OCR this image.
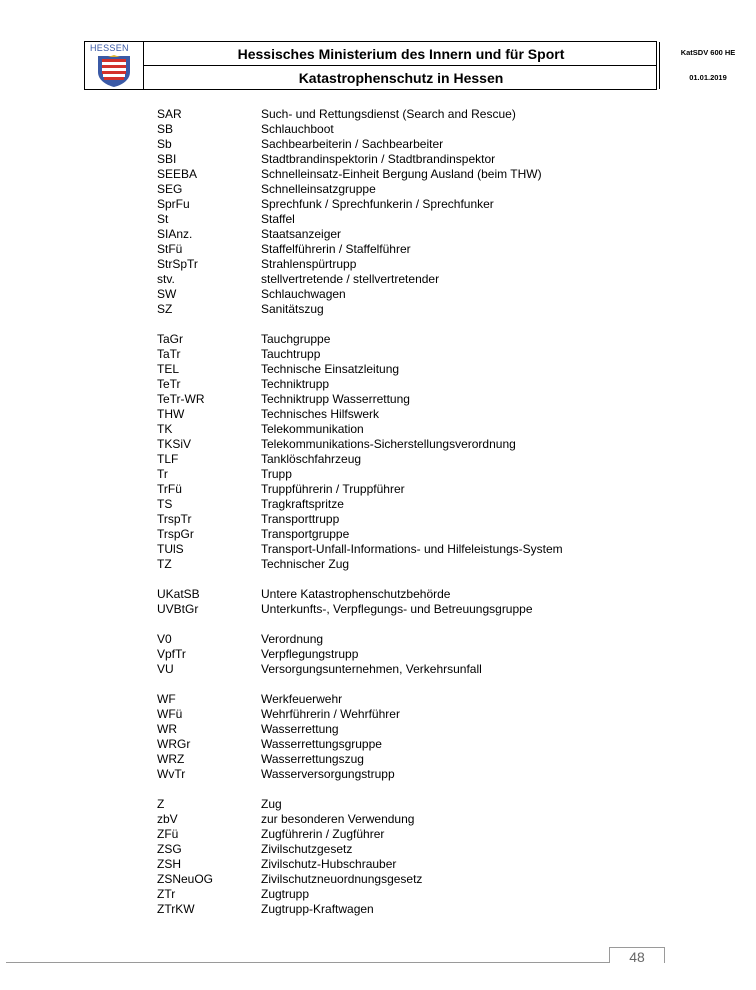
HESSEN	Hessisches Ministerium des Innern und für Sport
Katastrophenschutz in Hessen
KatSDV 600 HE
01.01.2019
SAR	Such- und Rettungsdienst (Search and Rescue)
SB	Schlauchboot
Sb	Sachbearbeiterin / Sachbearbeiter
SBI	Stadtbrandinspektorin / Stadtbrandinspektor
SEEBA	Schnelleinsatz-Einheit Bergung Ausland (beim THW)
SEG	Schnelleinsatzgruppe
SprFu	Sprechfunk / Sprechfunkerin / Sprechfunker
St	Staffel
SIAnz.	Staatsanzeiger
StFü	Staffelführerin / Staffelführer
StrSpTr	Strahlenspürtrupp
stv.	stellvertretende / stellvertretender
SW	Schlauchwagen
SZ	Sanitätszug
TaGr	Tauchgruppe
TaTr	Tauchtrupp
TEL	Technische Einsatzleitung
TeTr	Techniktrupp
TeTr-WR	Techniktrupp Wasserrettung
THW	Technisches Hilfswerk
TK	Telekommunikation
TKSiV	Telekommunikations-Sicherstellungsverordnung
TLF	Tanklöschfahrzeug
Tr	Trupp
TrFü	Truppführerin / Truppführer
TS	Tragkraftspritze
TrspTr	Transporttrupp
TrspGr	Transportgruppe
TUlS	Transport-Unfall-Informations- und Hilfeleistungs-System
TZ	Technischer Zug
UKatSB	Untere Katastrophenschutzbehörde
UVBtGr	Unterkunfts-, Verpflegungs- und Betreuungsgruppe
V0	Verordnung
VpfTr	Verpflegungstrupp
VU	Versorgungsunternehmen, Verkehrsunfall
WF	Werkfeuerwehr
WFü	Wehrführerin / Wehrführer
WR	Wasserrettung
WRGr	Wasserrettungsgruppe
WRZ	Wasserrettungszug
WvTr	Wasserversorgungstrupp
Z	Zug
zbV	zur besonderen Verwendung
ZFü	Zugführerin / Zugführer
ZSG	Zivilschutzgesetz
ZSH	Zivilschutz-Hubschrauber
ZSNeuOG	Zivilschutzneuordnungsgesetz
ZTr	Zugtrupp
ZTrKW	Zugtrupp-Kraftwagen
48
